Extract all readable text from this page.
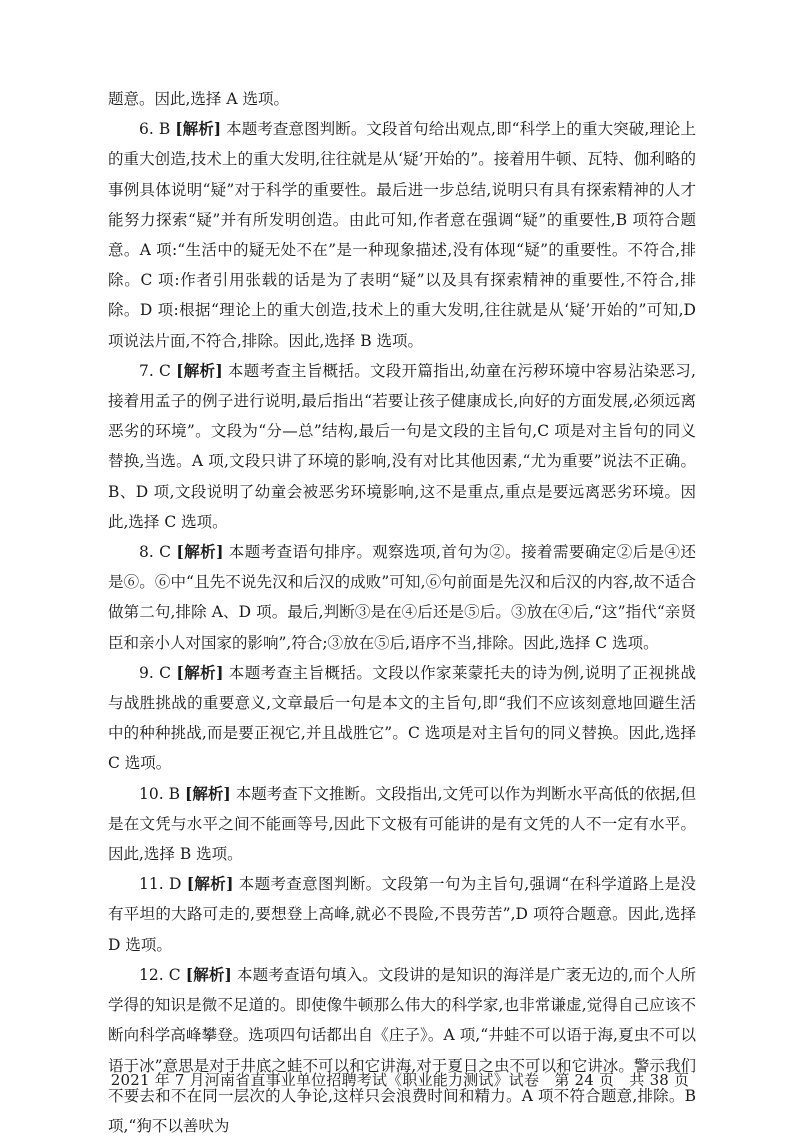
题意。因此,选择 A 选项。

6. B [解析] 本题考查意图判断。文段首句给出观点,即“科学上的重大突破,理论上的重大创造,技术上的重大发明,往往就是从‘疑’开始的”。接着用牛顿、瓦特、伽利略的事例具体说明“疑”对于科学的重要性。最后进一步总结,说明只有具有探索精神的人才能努力探索“疑”并有所发明创造。由此可知,作者意在强调“疑”的重要性,B 项符合题意。A 项:“生活中的疑无处不在”是一种现象描述,没有体现“疑”的重要性。不符合,排除。C 项:作者引用张载的话是为了表明“疑”以及具有探索精神的重要性,不符合,排除。D 项:根据“理论上的重大创造,技术上的重大发明,往往就是从‘疑’开始的”可知,D 项说法片面,不符合,排除。因此,选择 B 选项。

7. C [解析] 本题考查主旨概括。文段开篇指出,幼童在污秽环境中容易沾染恶习,接着用孟子的例子进行说明,最后指出“若要让孩子健康成长,向好的方面发展,必须远离恶劣的环境”。文段为“分—总”结构,最后一句是文段的主旨句,C 项是对主旨句的同义替换,当选。A 项,文段只讲了环境的影响,没有对比其他因素,“尤为重要”说法不正确。B、D 项,文段说明了幼童会被恶劣环境影响,这不是重点,重点是要远离恶劣环境。因此,选择 C 选项。

8. C [解析] 本题考查语句排序。观察选项,首句为②。接着需要确定②后是④还是⑥。⑥中“且先不说先汉和后汉的成败”可知,⑥句前面是先汉和后汉的内容,故不适合做第二句,排除 A、D 项。最后,判断③是在④后还是⑤后。③放在④后,“这”指代“亲贤臣和亲小人对国家的影响”,符合;③放在⑤后,语序不当,排除。因此,选择 C 选项。

9. C [解析] 本题考查主旨概括。文段以作家莱蒙托夫的诗为例,说明了正视挑战与战胜挑战的重要意义,文章最后一句是本文的主旨句,即“我们不应该刻意地回避生活中的种种挑战,而是要正视它,并且战胜它”。C 选项是对主旨句的同义替换。因此,选择 C 选项。

10. B [解析] 本题考查下文推断。文段指出,文凭可以作为判断水平高低的依据,但是在文凭与水平之间不能画等号,因此下文极有可能讲的是有文凭的人不一定有水平。因此,选择 B 选项。

11. D [解析] 本题考查意图判断。文段第一句为主旨句,强调“在科学道路上是没有平坦的大路可走的,要想登上高峰,就必不畏险,不畏劳苦”,D 项符合题意。因此,选择 D 选项。

12. C [解析] 本题考查语句填入。文段讲的是知识的海洋是广袤无边的,而个人所学得的知识是微不足道的。即使像牛顿那么伟大的科学家,也非常谦虚,觉得自己应该不断向科学高峰攀登。选项四句话都出自《庄子》。A 项,“井蛙不可以语于海,夏虫不可以语于冰”意思是对于井底之蛙不可以和它讲海,对于夏日之虫不可以和它讲冰。警示我们不要去和不在同一层次的人争论,这样只会浪费时间和精力。A 项不符合题意,排除。B 项,“狗不以善吠为

2021 年 7 月河南省直事业单位招聘考试《职业能力测试》试卷　第 24 页　共 38 页
